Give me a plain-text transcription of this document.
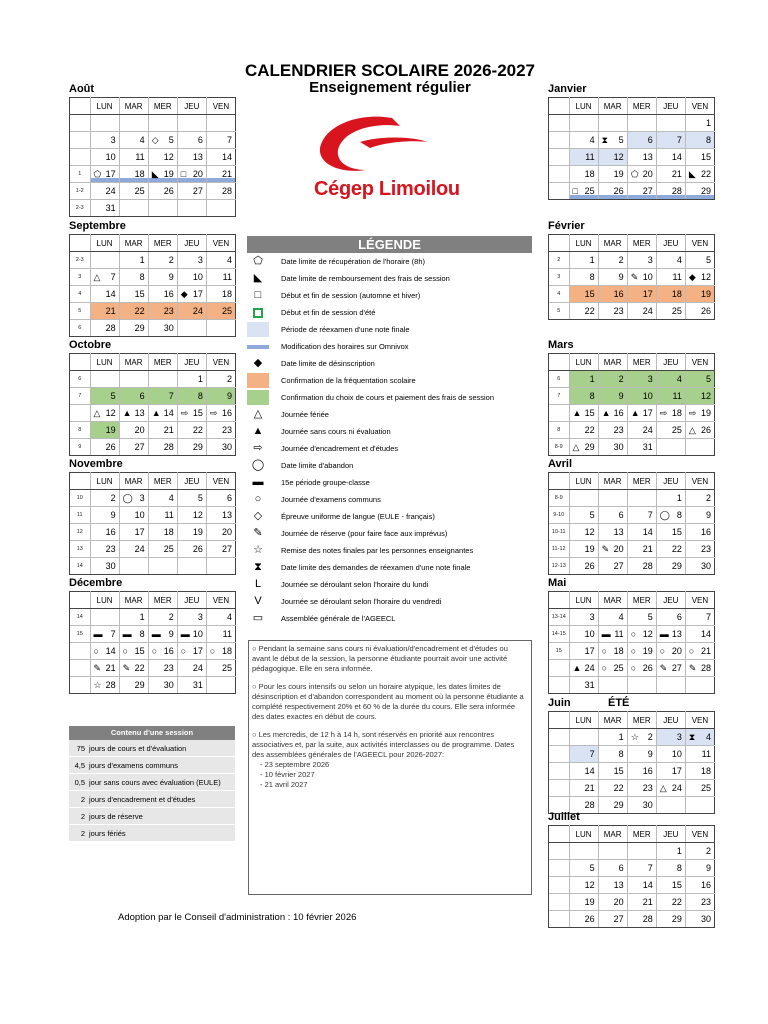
CALENDRIER SCOLAIRE 2026-2027
Enseignement régulier
Cégep Limoilou
Août
	LUN	MAR	MER	JEU	VEN

	3	4	◇ 5	6	7
	10	11	12	13	14
1	⬠ 17	18	◣ 19	□ 20	21
1-2	24	25	26	27	28
2-3	31				
Septembre
	LUN	MAR	MER	JEU	VEN
2-3		1	2	3	4
3	△ 7	8	9	10	11
4	14	15	16	◆ 17	18
5	21	22	23	24	25
6	28	29	30		
Octobre
	LUN	MAR	MER	JEU	VEN
6				1	2
7	5	6	7	8	9

	△ 12	▲ 13	▲ 14	⇨ 15	⇨ 16
8	19	20	21	22	23
9	26	27	28	29	30
Novembre
	LUN	MAR	MER	JEU	VEN
10	2	◯ 3	4	5	6
11	9	10	11	12	13
12	16	17	18	19	20
13	23	24	25	26	27
14	30				
Décembre
	LUN	MAR	MER	JEU	VEN
14		1	2	3	4
15	▬ 7	▬ 8	▬ 9	▬ 10	11

	○ 14	○ 15	○ 16	○ 17	○ 18

	✎ 21	✎ 22	23	24	25

	☆ 28	29	30	31	
Janvier
	LUN	MAR	MER	JEU	VEN
					1
	4	⧗ 5	6	7	8
	11	12	13	14	15
	18	19	⬠ 20	21	◣ 22

	□ 25	26	27	28	29
Février
	LUN	MAR	MER	JEU	VEN
2	1	2	3	4	5
3	8	9	✎ 10	11	◆ 12
4	15	16	17	18	19
5	22	23	24	25	26
Mars
	LUN	MAR	MER	JEU	VEN
6	1	2	3	4	5
7	8	9	10	11	12

	▲ 15	▲ 16	▲ 17	⇨ 18	⇨ 19
8	22	23	24	25	△ 26
8-9	△ 29	30	31		
Avril
	LUN	MAR	MER	JEU	VEN
8-9				1	2
9-10	5	6	7	◯ 8	9
10-11	12	13	14	15	16
11-12	19	✎ 20	21	22	23
12-13	26	27	28	29	30
Mai
	LUN	MAR	MER	JEU	VEN
13-14	3	4	5	6	7
14-15	10	▬ 11	○ 12	▬ 13	14
15	17	○ 18	○ 19	○ 20	○ 21

	▲ 24	○ 25	○ 26	✎ 27	✎ 28
	31				
Juin	ÉTÉ
	LUN	MAR	MER	JEU	VEN
		1	☆ 2	3	⧗ 4
	7	8	9	10	11
	14	15	16	17	18
	21	22	23	△ 24	25
	28	29	30		
Juillet
	LUN	MAR	MER	JEU	VEN
				1	2
	5	6	7	8	9
	12	13	14	15	16
	19	20	21	22	23
	26	27	28	29	30
LÉGENDE
⬠	Date limite de récupération de l'horaire (8h)
◣	Date limite de remboursement des frais de session
□	Début et fin de session (automne et hiver)
Début et fin de session d'été
Période de réexamen d'une note finale
Modification des horaires sur Omnivox
◆	Date limite de désinscription
Confirmation de la fréquentation scolaire
Confirmation du choix de cours et paiement des frais de session
△	Journée fériée
▲	Journée sans cours ni évaluation
⇨	Journée d'encadrement et d'études
◯	Date limite d'abandon
▬	15e période groupe-classe
○	Journée d'examens communs
◇	Épreuve uniforme de langue (EULE - français)
✎	Journée de réserve (pour faire face aux imprévus)
☆	Remise des notes finales par les personnes enseignantes
⧗	Date limite des demandes de réexamen d'une note finale
L	Journée se déroulant selon l'horaire du lundi
V	Journée se déroulant selon l'horaire du vendredi
▭	Assemblée générale de l'AGEECL

○ Pendant la semaine sans cours ni évaluation/d'encadrement et d'études ou avant le début de la session, la personne étudiante pourrait avoir une activité pédagogique. Elle en sera informée.

○ Pour les cours intensifs ou selon un horaire atypique, les dates limites de désinscription et d'abandon correspondent au moment où la personne étudiante a complété respectivement 20% et 60 % de la durée du cours. Elle sera informée des dates exactes en début de cours.

○ Les mercredis, de 12 h à 14 h, sont réservés en priorité aux rencontres associatives et, par la suite, aux activités interclasses ou de programme. Dates des assemblées générales de l'AGEECL pour 2026-2027:

- 23 septembre 2026

- 10 février 2027

- 21 avril 2027

Contenu d'une session
75 jours de cours et d'évaluation
4,5 jours d'examens communs
0,5 jour sans cours avec évaluation (EULE)
2 jours d'encadrement et d'études
2 jours de réserve
2 jours fériés
Adoption par le Conseil d'administration : 10 février 2026
